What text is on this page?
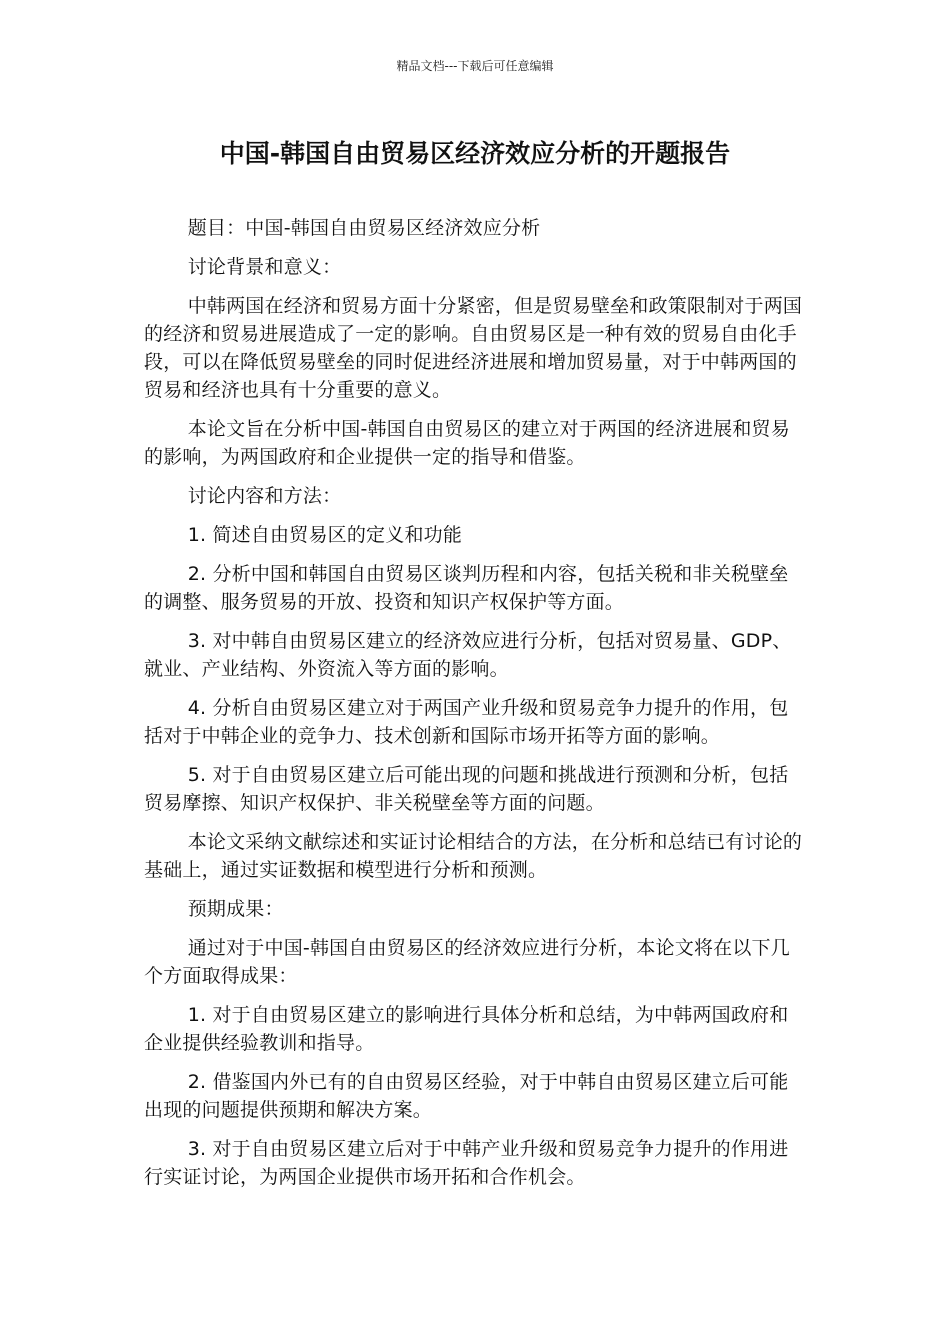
精品文档---下载后可任意编辑
中国-韩国自由贸易区经济效应分析的开题报告

题目：中国-韩国自由贸易区经济效应分析

讨论背景和意义：

中韩两国在经济和贸易方面十分紧密，但是贸易壁垒和政策限制对于两国的经济和贸易进展造成了一定的影响。自由贸易区是一种有效的贸易自由化手段，可以在降低贸易壁垒的同时促进经济进展和增加贸易量，对于中韩两国的贸易和经济也具有十分重要的意义。

本论文旨在分析中国-韩国自由贸易区的建立对于两国的经济进展和贸易的影响，为两国政府和企业提供一定的指导和借鉴。

讨论内容和方法：

1. 简述自由贸易区的定义和功能

2. 分析中国和韩国自由贸易区谈判历程和内容，包括关税和非关税壁垒的调整、服务贸易的开放、投资和知识产权保护等方面。

3. 对中韩自由贸易区建立的经济效应进行分析，包括对贸易量、GDP、就业、产业结构、外资流入等方面的影响。

4. 分析自由贸易区建立对于两国产业升级和贸易竞争力提升的作用，包括对于中韩企业的竞争力、技术创新和国际市场开拓等方面的影响。

5. 对于自由贸易区建立后可能出现的问题和挑战进行预测和分析，包括贸易摩擦、知识产权保护、非关税壁垒等方面的问题。

本论文采纳文献综述和实证讨论相结合的方法，在分析和总结已有讨论的基础上，通过实证数据和模型进行分析和预测。

预期成果：

通过对于中国-韩国自由贸易区的经济效应进行分析，本论文将在以下几个方面取得成果：

1. 对于自由贸易区建立的影响进行具体分析和总结，为中韩两国政府和企业提供经验教训和指导。

2. 借鉴国内外已有的自由贸易区经验，对于中韩自由贸易区建立后可能出现的问题提供预期和解决方案。

3. 对于自由贸易区建立后对于中韩产业升级和贸易竞争力提升的作用进行实证讨论，为两国企业提供市场开拓和合作机会。
